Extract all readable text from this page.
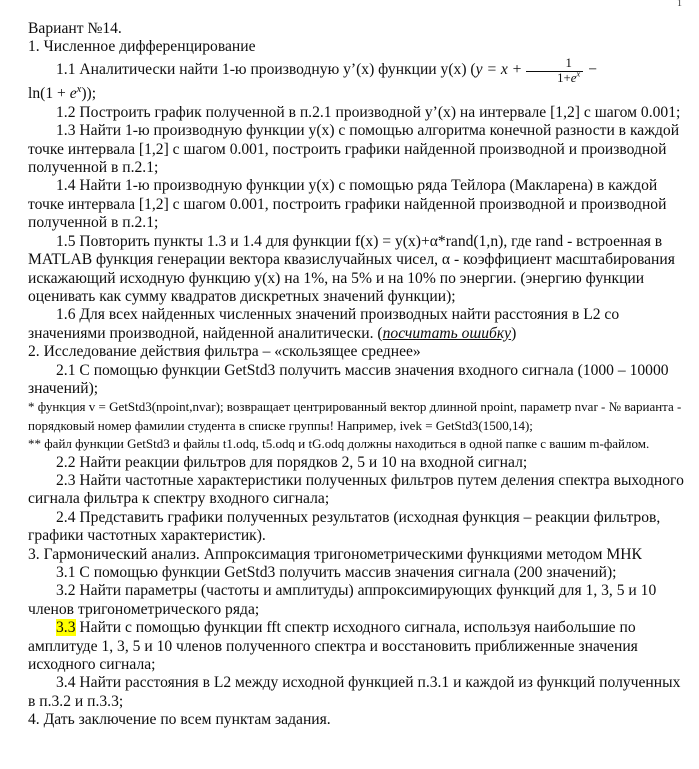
1

Вариант №14.

1. Численное дифференцирование

1.1 Аналитически найти 1-ю производную y’(x) функции y(x) ($y = x + \frac{1}{1+e^x}$ −
$\ln(1 + e^x)$);

1.2 Построить график полученной в п.2.1 производной y’(x) на интервале [1,2] с шагом 0.001;

1.3 Найти 1-ю производную функции y(x) с помощью алгоритма конечной разности в каждой точке интервала [1,2] с шагом 0.001, построить графики найденной производной и производной полученной в п.2.1;

1.4 Найти 1-ю производную функции y(x) с помощью ряда Тейлора (Макларена) в каждой точке интервала [1,2] с шагом 0.001, построить графики найденной производной и производной полученной в п.2.1;

1.5 Повторить пункты 1.3 и 1.4 для функции f(x) = y(x)+α*rand(1,n), где rand - встроенная в MATLAB функция генерации вектора квазислучайных чисел, α - коэффициент масштабирования искажающий исходную функцию y(x) на 1%, на 5% и на 10% по энергии. (энергию функции оценивать как сумму квадратов дискретных значений функции);

1.6 Для всех найденных численных значений производных найти расстояния в L2 со значениями производной, найденной аналитически. (посчитать ошибку)

2. Исследование действия фильтра – «скользящее среднее»

2.1 С помощью функции GetStd3 получить массив значения входного сигнала (1000 – 10000 значений);

* функция v = GetStd3(npoint,nvar); возвращает центрированный вектор длинной npoint, параметр nvar - № варианта - порядковый номер фамилии студента в списке группы! Например, ivek = GetStd3(1500,14);

** файл функции GetStd3 и файлы t1.odq, t5.odq и tG.odq должны находиться в одной папке с вашим m-файлом.

2.2 Найти реакции фильтров для порядков 2, 5 и 10 на входной сигнал;

2.3 Найти частотные характеристики полученных фильтров путем деления спектра выходного сигнала фильтра к спектру входного сигнала;

2.4 Представить графики полученных результатов (исходная функция – реакции фильтров, графики частотных характеристик).

3. Гармонический анализ. Аппроксимация тригонометрическими функциями методом МНК

3.1 С помощью функции GetStd3 получить массив значения сигнала (200 значений);

3.2 Найти параметры (частоты и амплитуды) аппроксимирующих функций для 1, 3, 5 и 10 членов тригонометрического ряда;

3.3 Найти с помощью функции fft спектр исходного сигнала, используя наибольшие по амплитуде 1, 3, 5 и 10 членов полученного спектра и восстановить приближенные значения исходного сигнала;

3.4 Найти расстояния в L2 между исходной функцией п.3.1 и каждой из функций полученных в п.3.2 и п.3.3;

4. Дать заключение по всем пунктам задания.
